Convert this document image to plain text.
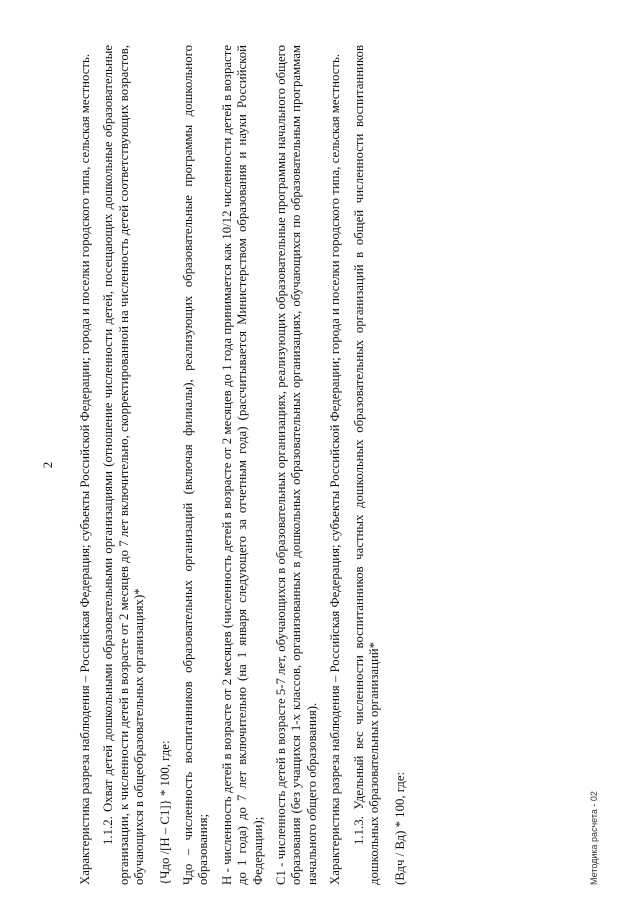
2 Характеристика разреза наблюдения – Российская Федерация; субъекты Российской Федерации; города и поселки городского типа, сельская местность. 1.1.2. Охват детей дошкольными образовательными организациями (отношение численности детей, посещающих дошкольные образовательные организации, к численности детей в возрасте от 2 месяцев до 7 лет включительно, скорректированной на численность детей соответствующих возрастов, обучающихся в общеобразовательных организациях)* {Чдо /[Н – С1]} * 100, где: Чдо – численность воспитанников образовательных организаций (включая филиалы), реализующих образовательные программы дошкольного образования; Н - численность детей в возрасте от 2 месяцев (численность детей в возрасте от 2 месяцев до 1 года принимается как 10/12 численности детей в возрасте до 1 года) до 7 лет включительно (на 1 января следующего за отчетным года) (рассчитывается Министерством образования и науки Российской Федерации); С1 - численность детей в возрасте 5-7 лет, обучающихся в образовательных организациях, реализующих образовательные программы начального общего образования (без учащихся 1-х классов, организованных в дошкольных образовательных организациях, обучающихся по образовательным программам начального общего образования). Характеристика разреза наблюдения – Российская Федерация; субъекты Российской Федерации; города и поселки городского типа, сельская местность. 1.1.3. Удельный вес численности воспитанников частных дошкольных образовательных организаций в общей численности воспитанников дошкольных образовательных организаций* (Вдч / Вд) * 100, где:	Методика расчета - 02
